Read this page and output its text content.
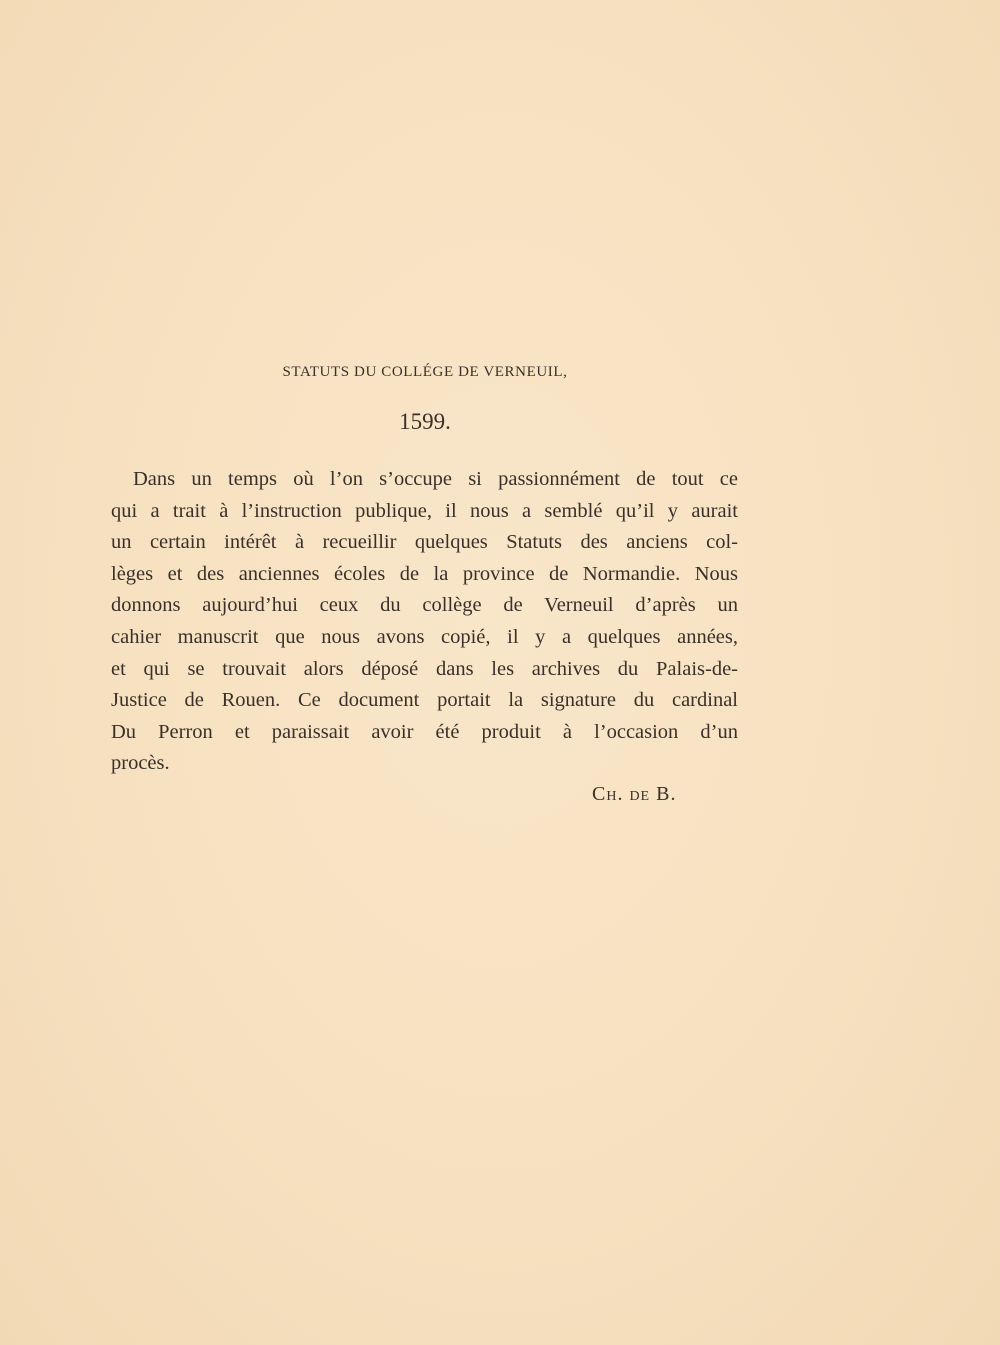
STATUTS DU COLLÉGE DE VERNEUIL,
1599.
Dans un temps où l’on s’occupe si passionnément de tout ce
qui a trait à l’instruction publique, il nous a semblé qu’il y aurait
un certain intérêt à recueillir quelques Statuts des anciens col-
lèges et des anciennes écoles de la province de Normandie. Nous
donnons aujourd’hui ceux du collège de Verneuil d’après un
cahier manuscrit que nous avons copié, il y a quelques années,
et qui se trouvait alors déposé dans les archives du Palais-de-
Justice de Rouen. Ce document portait la signature du cardinal
Du Perron et paraissait avoir été produit à l’occasion d’un
procès.
Ch. de B.
